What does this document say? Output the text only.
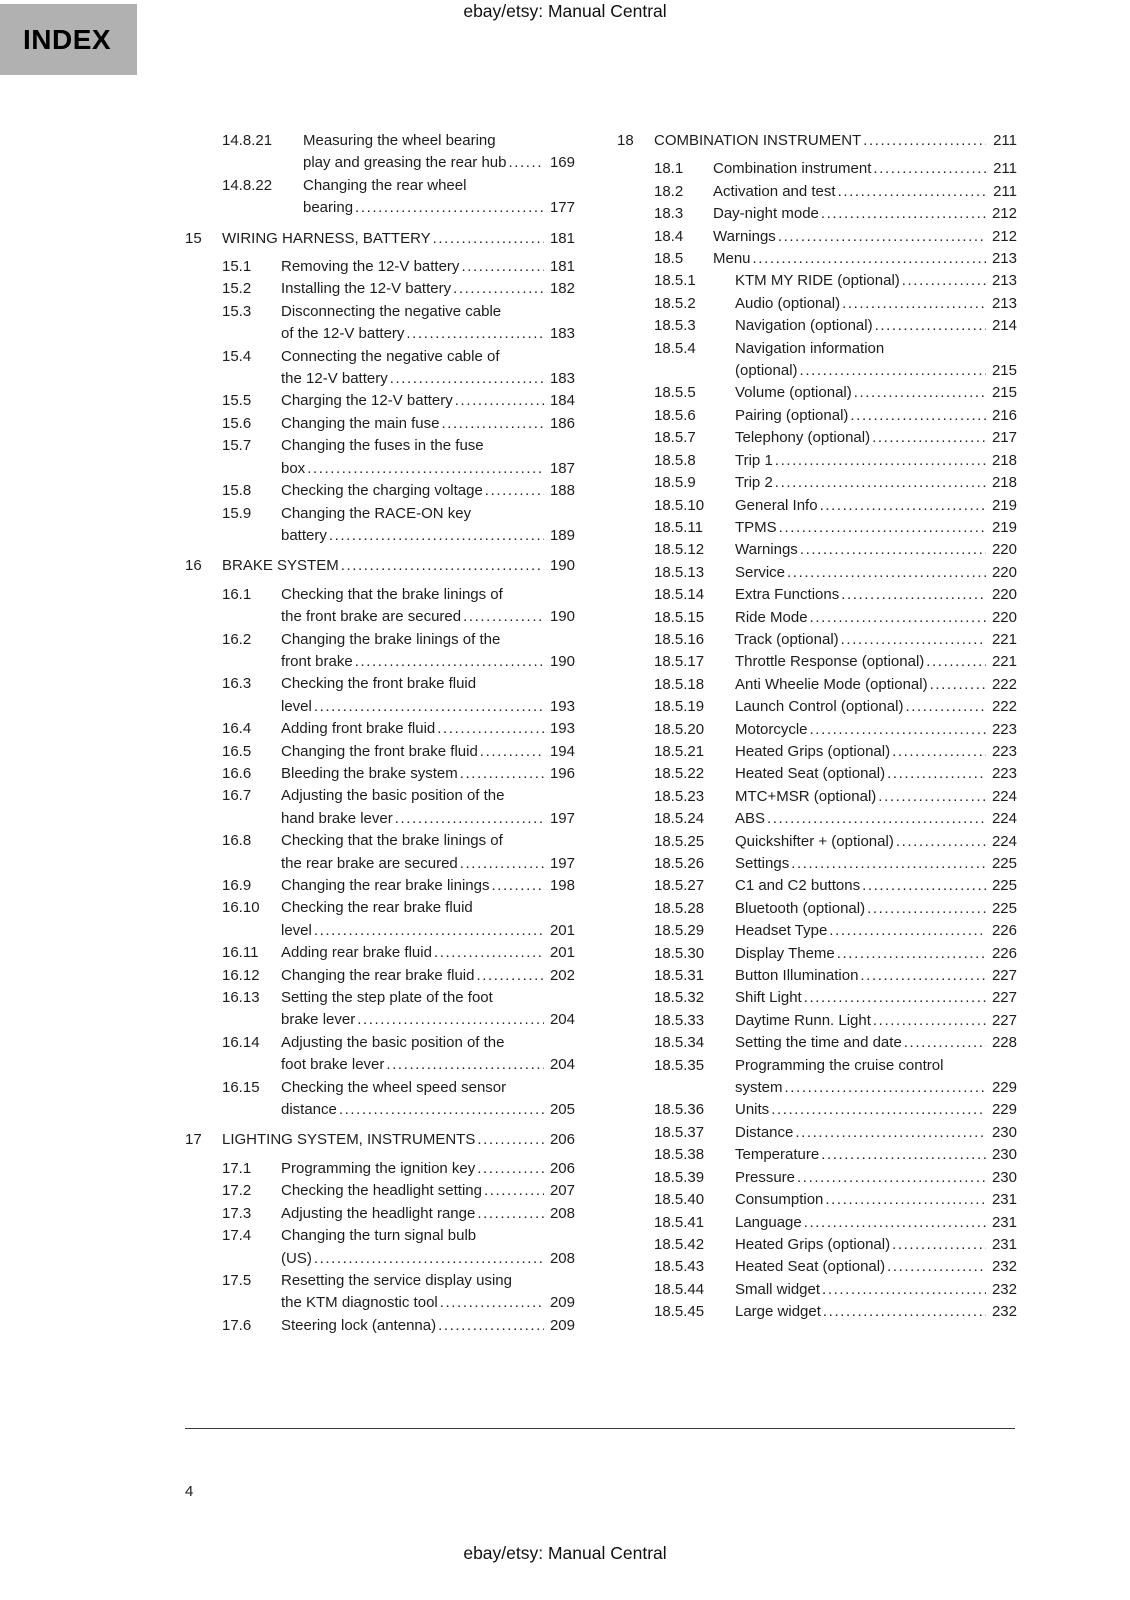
ebay/etsy: Manual Central
INDEX
14.8.21	Measuring the wheel bearing
play and greasing the rear hub .....	169
14.8.22	Changing the rear wheel
bearing .....	177
15	WIRING HARNESS, BATTERY .....	181
15.1	Removing the 12-V battery .....	181
15.2	Installing the 12-V battery .....	182
15.3	Disconnecting the negative cable
of the 12-V battery .....	183
15.4	Connecting the negative cable of
the 12-V battery .....	183
15.5	Charging the 12-V battery .....	184
15.6	Changing the main fuse .....	186
15.7	Changing the fuses in the fuse
box .....	187
15.8	Checking the charging voltage .....	188
15.9	Changing the RACE-ON key
battery .....	189
16	BRAKE SYSTEM .....	190
16.1	Checking that the brake linings of
the front brake are secured .....	190
16.2	Changing the brake linings of the
front brake .....	190
16.3	Checking the front brake fluid
level .....	193
16.4	Adding front brake fluid .....	193
16.5	Changing the front brake fluid .....	194
16.6	Bleeding the brake system .....	196
16.7	Adjusting the basic position of the
hand brake lever .....	197
16.8	Checking that the brake linings of
the rear brake are secured .....	197
16.9	Changing the rear brake linings .....	198
16.10	Checking the rear brake fluid
level .....	201
16.11	Adding rear brake fluid .....	201
16.12	Changing the rear brake fluid .....	202
16.13	Setting the step plate of the foot
brake lever .....	204
16.14	Adjusting the basic position of the
foot brake lever .....	204
16.15	Checking the wheel speed sensor
distance .....	205
17	LIGHTING SYSTEM, INSTRUMENTS .....	206
17.1	Programming the ignition key .....	206
17.2	Checking the headlight setting .....	207
17.3	Adjusting the headlight range .....	208
17.4	Changing the turn signal bulb
(US) .....	208
17.5	Resetting the service display using
the KTM diagnostic tool .....	209
17.6	Steering lock (antenna) .....	209
18	COMBINATION INSTRUMENT .....	211
18.1	Combination instrument .....	211
18.2	Activation and test .....	211
18.3	Day-night mode .....	212
18.4	Warnings .....	212
18.5	Menu .....	213
18.5.1	KTM MY RIDE (optional) .....	213
18.5.2	Audio (optional) .....	213
18.5.3	Navigation (optional) .....	214
18.5.4	Navigation information
(optional) .....	215
18.5.5	Volume (optional) .....	215
18.5.6	Pairing (optional) .....	216
18.5.7	Telephony (optional) .....	217
18.5.8	Trip 1 .....	218
18.5.9	Trip 2 .....	218
18.5.10	General Info .....	219
18.5.11	TPMS .....	219
18.5.12	Warnings .....	220
18.5.13	Service .....	220
18.5.14	Extra Functions .....	220
18.5.15	Ride Mode .....	220
18.5.16	Track (optional) .....	221
18.5.17	Throttle Response (optional) .....	221
18.5.18	Anti Wheelie Mode (optional) .....	222
18.5.19	Launch Control (optional) .....	222
18.5.20	Motorcycle .....	223
18.5.21	Heated Grips (optional) .....	223
18.5.22	Heated Seat (optional) .....	223
18.5.23	MTC+MSR (optional) .....	224
18.5.24	ABS .....	224
18.5.25	Quickshifter + (optional) .....	224
18.5.26	Settings .....	225
18.5.27	C1 and C2 buttons .....	225
18.5.28	Bluetooth (optional) .....	225
18.5.29	Headset Type .....	226
18.5.30	Display Theme .....	226
18.5.31	Button Illumination .....	227
18.5.32	Shift Light .....	227
18.5.33	Daytime Runn. Light .....	227
18.5.34	Setting the time and date .....	228
18.5.35	Programming the cruise control
system .....	229
18.5.36	Units .....	229
18.5.37	Distance .....	230
18.5.38	Temperature .....	230
18.5.39	Pressure .....	230
18.5.40	Consumption .....	231
18.5.41	Language .....	231
18.5.42	Heated Grips (optional) .....	231
18.5.43	Heated Seat (optional) .....	232
18.5.44	Small widget .....	232
18.5.45	Large widget .....	232
4
ebay/etsy: Manual Central
